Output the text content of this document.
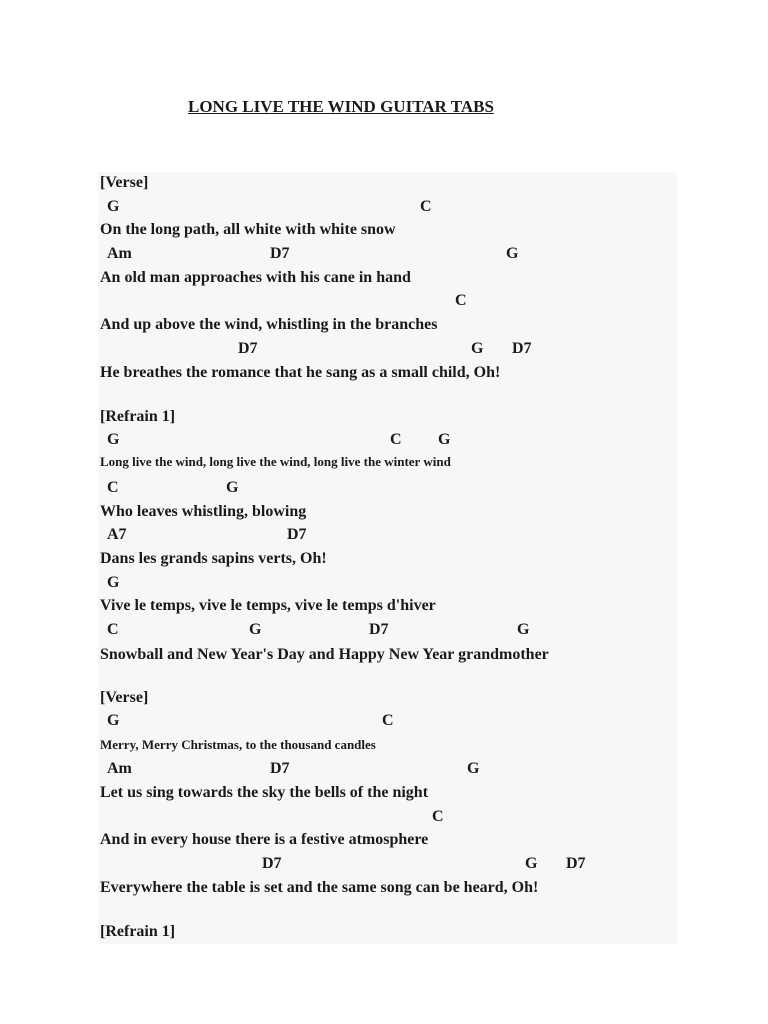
LONG LIVE THE WIND GUITAR TABS
[Verse]
G	C
On the long path, all white with white snow
Am	D7	G
An old man approaches with his cane in hand
C
And up above the wind, whistling in the branches
D7	G D7
He breathes the romance that he sang as a small child, Oh!
[Refrain 1]
G	C G
Long live the wind, long live the wind, long live the winter wind
C	G
Who leaves whistling, blowing
A7	D7
Dans les grands sapins verts, Oh!
G
Vive le temps, vive le temps, vive le temps d'hiver
C	G	D7	G
Snowball and New Year's Day and Happy New Year grandmother
[Verse]
G	C
Merry, Merry Christmas, to the thousand candles
Am	D7	G
Let us sing towards the sky the bells of the night
C
And in every house there is a festive atmosphere
D7	G D7
Everywhere the table is set and the same song can be heard, Oh!
[Refrain 1]
